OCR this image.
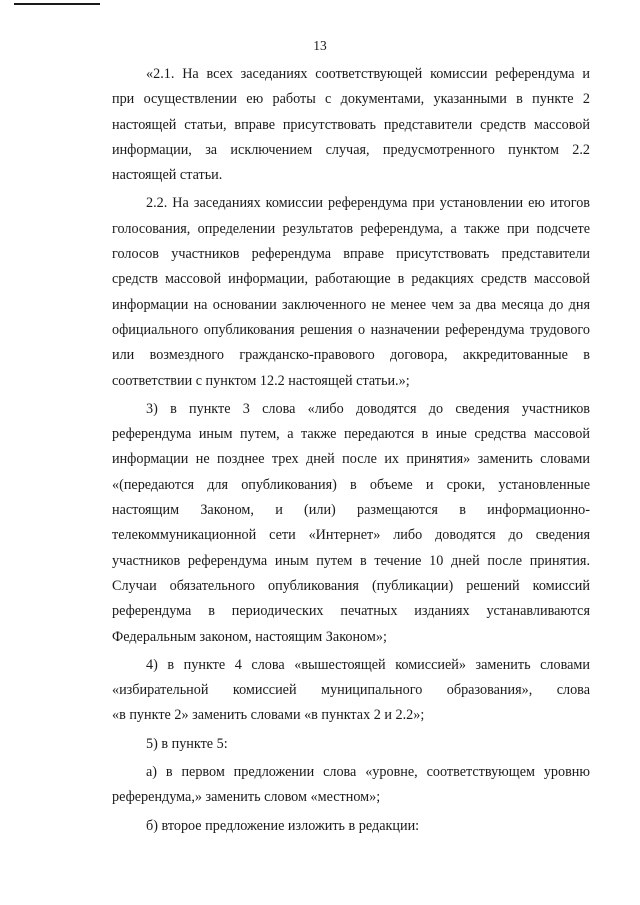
13

«2.1. На всех заседаниях соответствующей комиссии референдума и
при осуществлении ею работы с документами, указанными в пункте 2
настоящей статьи, вправе присутствовать представители средств массовой
информации, за исключением случая, предусмотренного пунктом 2.2
настоящей статьи.

2.2. На заседаниях комиссии референдума при установлении ею итогов
голосования, определении результатов референдума, а также при подсчете
голосов участников референдума вправе присутствовать представители
средств массовой информации, работающие в редакциях средств массовой
информации на основании заключенного не менее чем за два месяца до дня
официального опубликования решения о назначении референдума трудового
или возмездного гражданско-правового договора, аккредитованные в
соответствии с пунктом 12.2 настоящей статьи.»;

3) в пункте 3 слова «либо доводятся до сведения участников
референдума иным путем, а также передаются в иные средства массовой
информации не позднее трех дней после их принятия» заменить словами
«(передаются для опубликования) в объеме и сроки, установленные
настоящим Законом, и (или) размещаются в информационно-
телекоммуникационной сети «Интернет» либо доводятся до сведения
участников референдума иным путем в течение 10 дней после принятия.
Случаи обязательного опубликования (публикации) решений комиссий
референдума в периодических печатных изданиях устанавливаются
Федеральным законом, настоящим Законом»;

4) в пункте 4 слова «вышестоящей комиссией» заменить словами
«избирательной комиссией муниципального образования», слова
«в пункте 2» заменить словами «в пунктах 2 и 2.2»;

5) в пункте 5:

а) в первом предложении слова «уровне, соответствующем уровню
референдума,» заменить словом «местном»;

б) второе предложение изложить в редакции:
